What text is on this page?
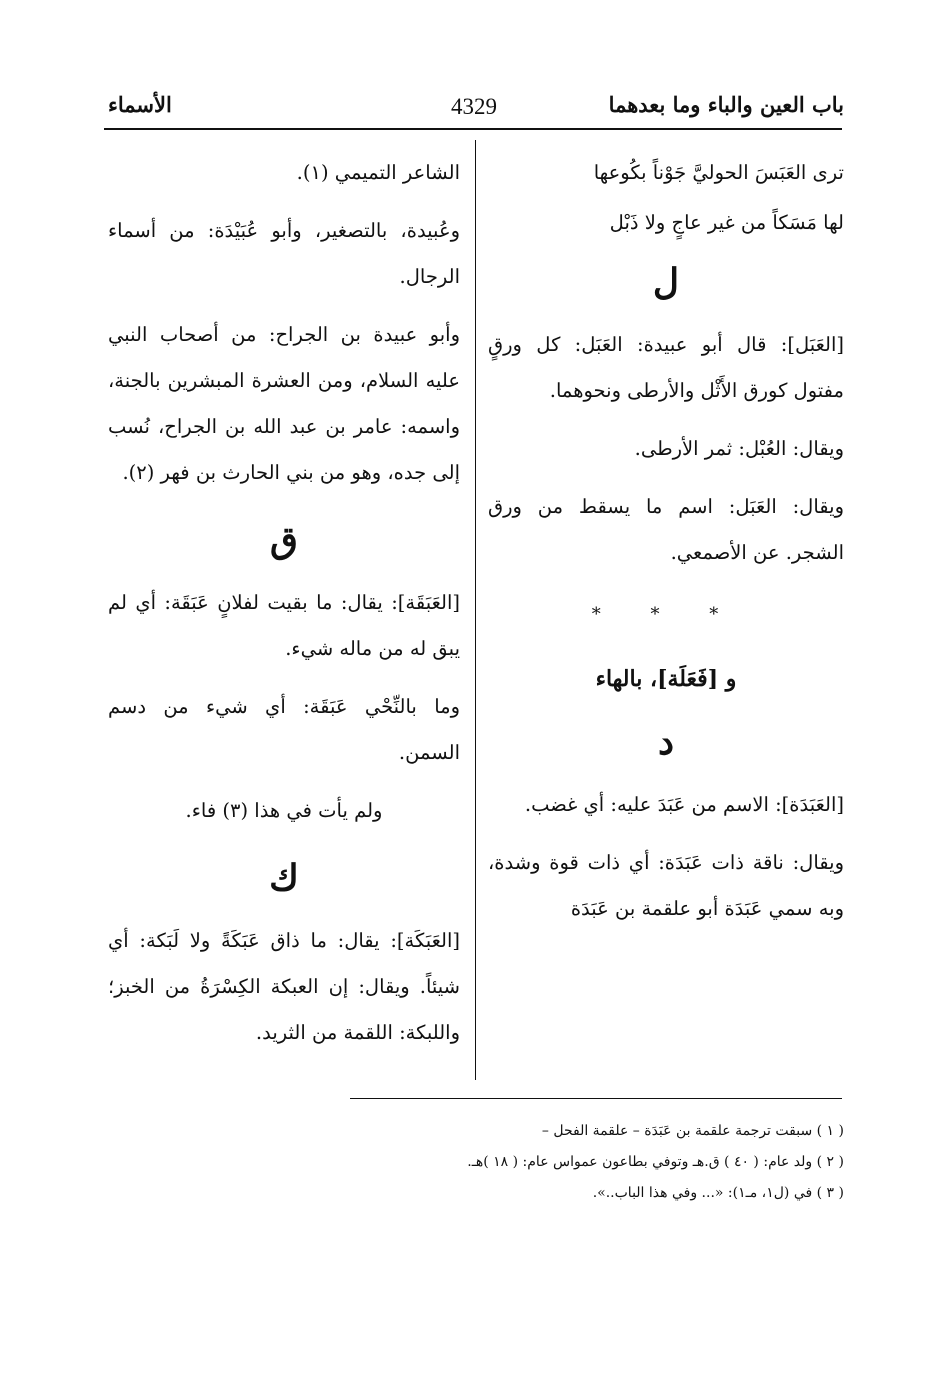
باب العين والباء وما بعدهما
4329
الأسماء

ترى العَبَسَ الحوليَّ جَوْناً بكُوعها

لها مَسَكاً من غير عاجٍ ولا ذَبْل

ل

[العَبَل]: قال أبو عبيدة: العَبَل: كل ورقٍ مفتول كورق الأَثْل والأرطى ونحوهما.

ويقال: العُبْل: ثمر الأرطى.

ويقال: العَبَل: اسم ما يسقط من ورق الشجر. عن الأصمعي.

* * *
و [فَعَلَة]، بالهاء
د

[العَبَدَة]: الاسم من عَبَدَ عليه: أي غضب.

ويقال: ناقة ذات عَبَدَة: أي ذات قوة وشدة، وبه سمي عَبَدَة أبو علقمة بن عَبَدَة

الشاعر التميمي (١).

وعُبيدة، بالتصغير، وأبو عُبَيْدَة: من أسماء الرجال.

وأبو عبيدة بن الجراح: من أصحاب النبي عليه السلام، ومن العشرة المبشرين بالجنة، واسمه: عامر بن عبد الله بن الجراح، نُسب إلى جده، وهو من بني الحارث بن فهر (٢).

ق

[العَبَقَة]: يقال: ما بقيت لفلانٍ عَبَقَة: أي لم يبق له من ماله شيء.

وما بالنِّحْي عَبَقَة: أي شيء من دسم السمن.

ولم يأت في هذا (٣) فاء.

ك

[العَبَكَة]: يقال: ما ذاق عَبَكَةً ولا لَبَكة: أي شيئاً. ويقال: إن العبكة الكِسْرَةُ من الخبز؛ واللبكة: اللقمة من الثريد.

( ١ ) سبقت ترجمة علقمة بن عَبَدَة – علقمة الفحل –

( ٢ ) ولد عام: ( ٤٠ ) ق.هـ وتوفي بطاعون عمواس عام: ( ١٨ )هـ.

( ٣ ) في (ل١، مـ١): «... وفي هذا الباب..».
